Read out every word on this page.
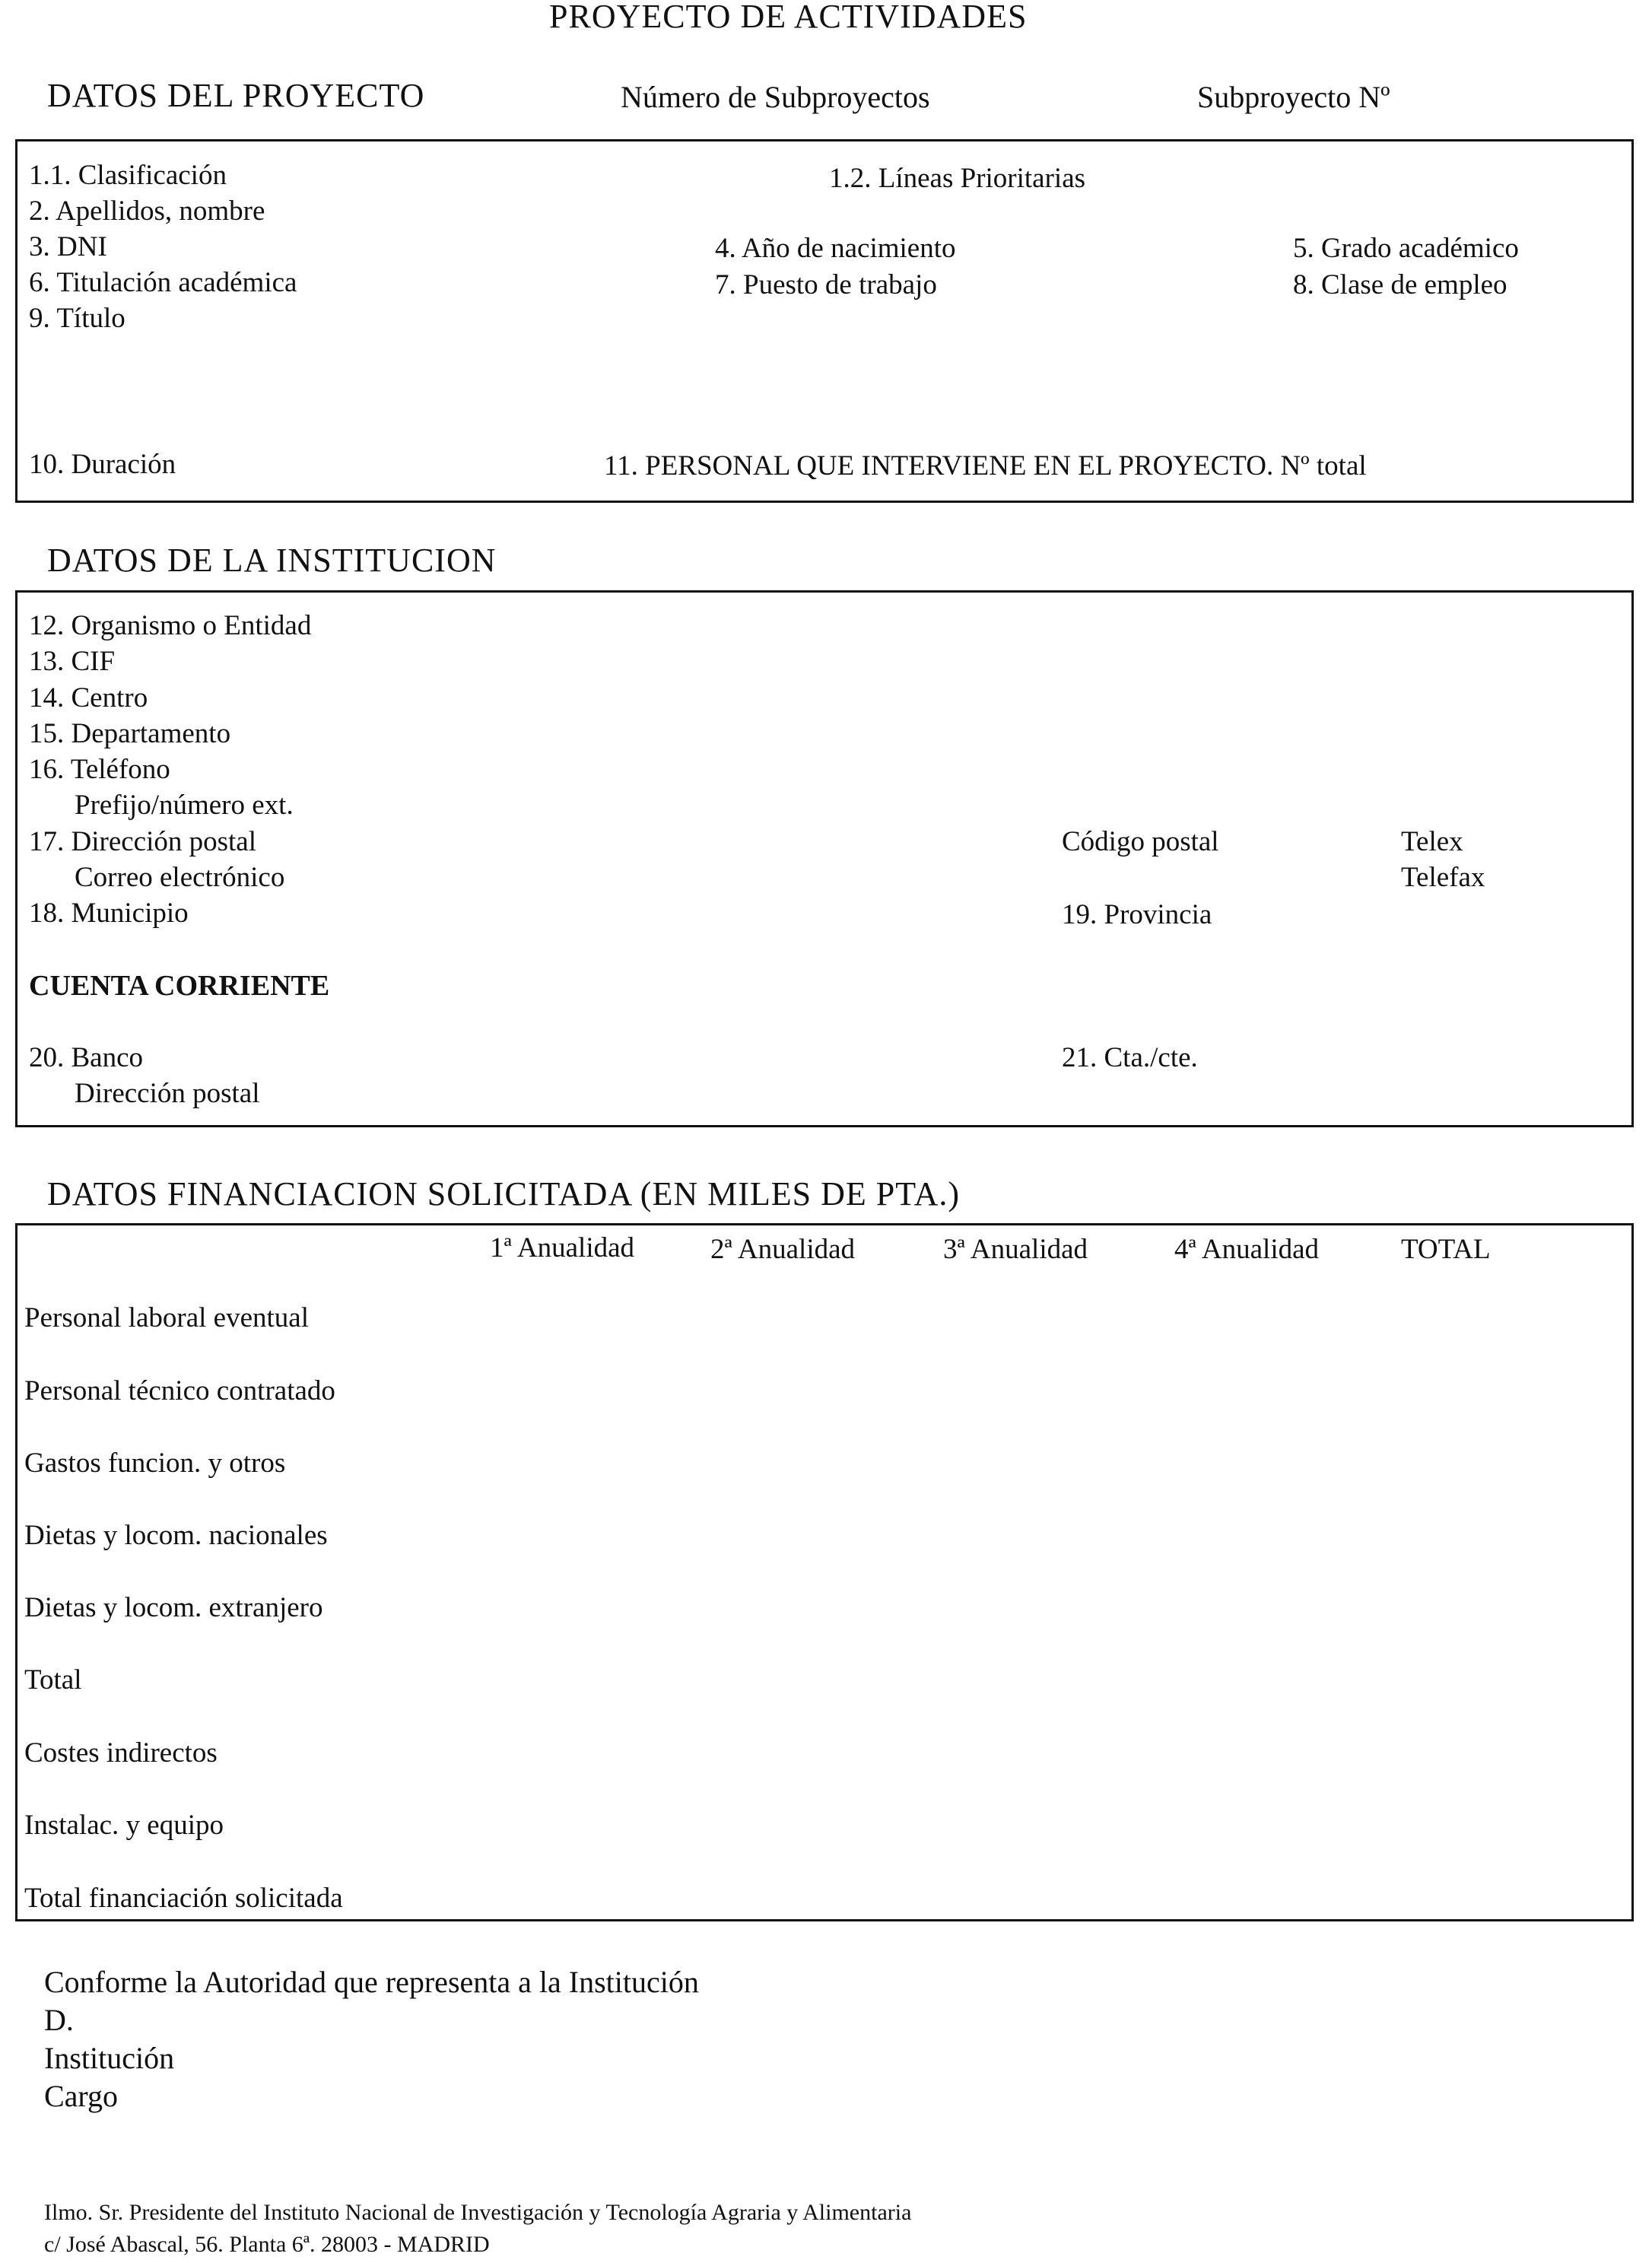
PROYECTO DE ACTIVIDADES
DATOS DEL PROYECTO	Número de Subproyectos	Subproyecto Nº
1.1. Clasificación	1.2. Líneas Prioritarias
2. Apellidos, nombre
3. DNI	4. Año de nacimiento	5. Grado académico
6. Titulación académica	7. Puesto de trabajo	8. Clase de empleo
9. Título
10. Duración	11. PERSONAL QUE INTERVIENE EN EL PROYECTO. Nº total
DATOS DE LA INSTITUCION
12. Organismo o Entidad
13. CIF
14. Centro
15. Departamento
16. Teléfono
Prefijo/número ext.
17. Dirección postal	Código postal	Telex
Correo electrónico	Telefax
18. Municipio	19. Provincia
CUENTA CORRIENTE
20. Banco	21. Cta./cte.
Dirección postal
DATOS FINANCIACION SOLICITADA (EN MILES DE PTA.)
1ª Anualidad	2ª Anualidad	3ª Anualidad	4ª Anualidad	TOTAL
Personal laboral eventual
Personal técnico contratado
Gastos funcion. y otros
Dietas y locom. nacionales
Dietas y locom. extranjero
Total
Costes indirectos
Instalac. y equipo
Total financiación solicitada
Conforme la Autoridad que representa a la Institución
D.
Institución
Cargo
Ilmo. Sr. Presidente del Instituto Nacional de Investigación y Tecnología Agraria y Alimentaria
c/ José Abascal, 56. Planta 6ª. 28003 - MADRID
